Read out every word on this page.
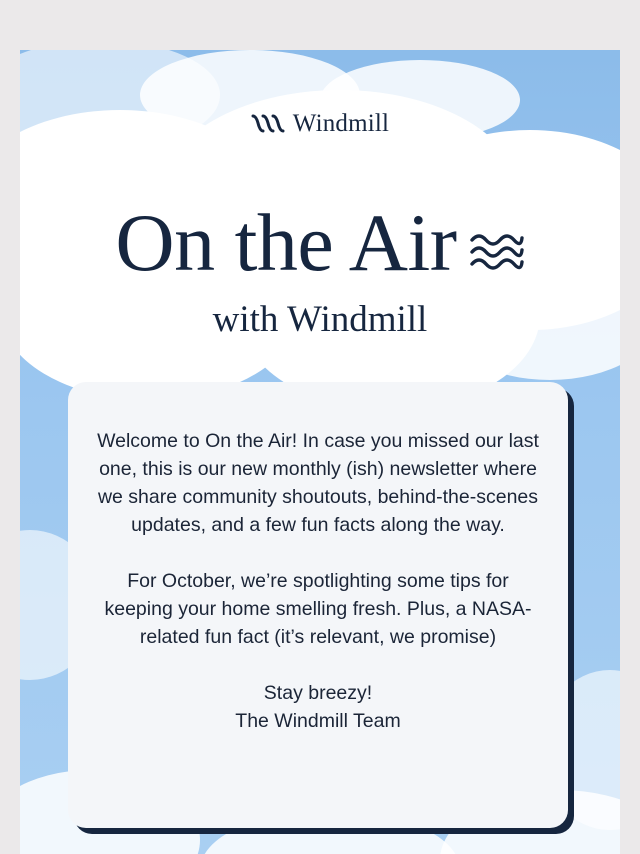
Windmill
On the Air
with Windmill

Welcome to On the Air! In case you missed our last one, this is our new monthly (ish) newsletter where we share community shoutouts, behind-the-scenes updates, and a few fun facts along the way.

For October, we’re spotlighting some tips for keeping your home smelling fresh. Plus, a NASA-related fun fact (it’s relevant, we promise)

Stay breezy!
The Windmill Team
